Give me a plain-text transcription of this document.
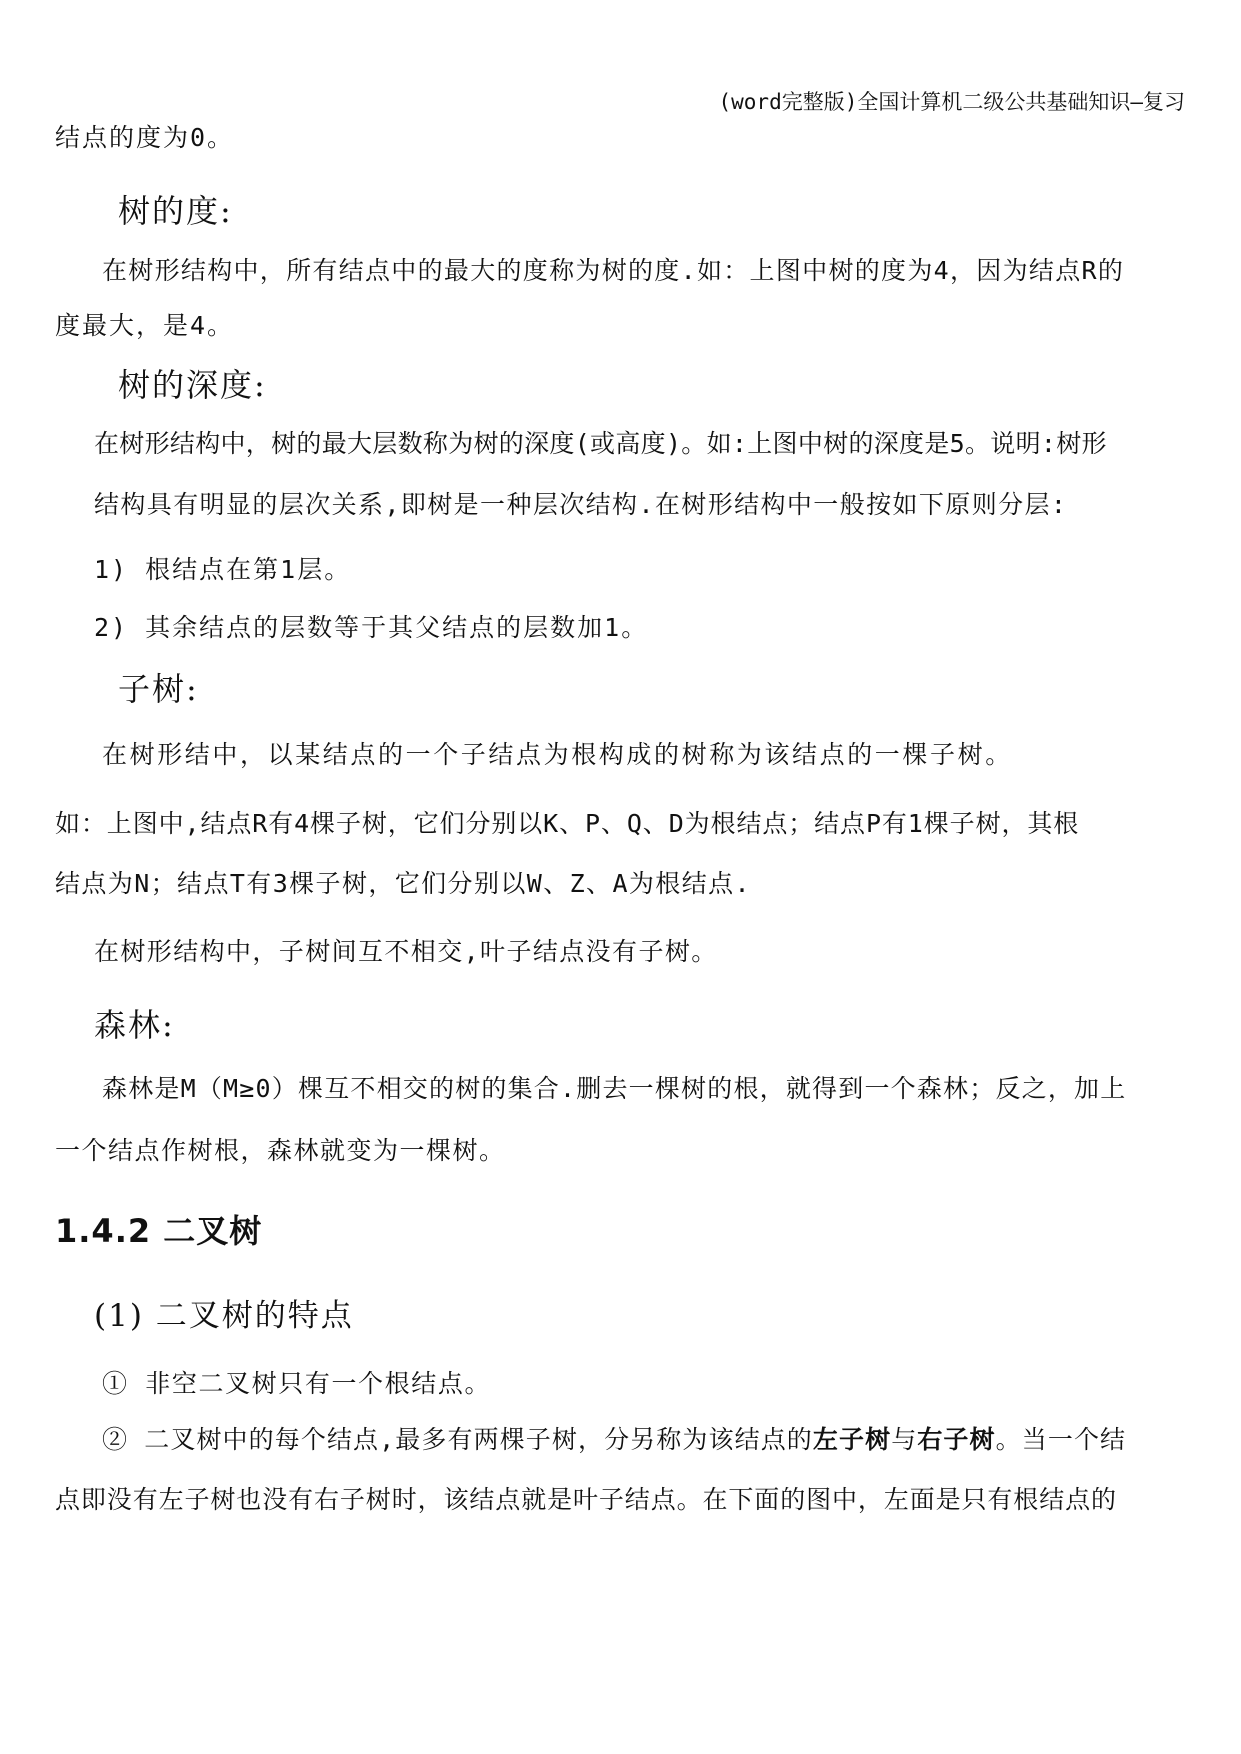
(word完整版)全国计算机二级公共基础知识—复习
结点的度为0。
树的度:
在树形结构中，所有结点中的最大的度称为树的度.如：上图中树的度为4，因为结点R的
度最大，是4。
树的深度:
在树形结构中，树的最大层数称为树的深度(或高度)。如:上图中树的深度是5。说明:树形
结构具有明显的层次关系,即树是一种层次结构.在树形结构中一般按如下原则分层:
1) 根结点在第1层。
2) 其余结点的层数等于其父结点的层数加1。
子树:
在树形结中，以某结点的一个子结点为根构成的树称为该结点的一棵子树。
如：上图中,结点R有4棵子树，它们分别以K、P、Q、D为根结点；结点P有1棵子树，其根
结点为N；结点T有3棵子树，它们分别以W、Z、A为根结点.
在树形结构中，子树间互不相交,叶子结点没有子树。
森林:
森林是M（M≥0）棵互不相交的树的集合.删去一棵树的根，就得到一个森林；反之，加上
一个结点作树根，森林就变为一棵树。
1.4.2 二叉树
(1) 二叉树的特点
① 非空二叉树只有一个根结点。
② 二叉树中的每个结点,最多有两棵子树，分另称为该结点的左子树与右子树。当一个结
点即没有左子树也没有右子树时，该结点就是叶子结点。在下面的图中，左面是只有根结点的
